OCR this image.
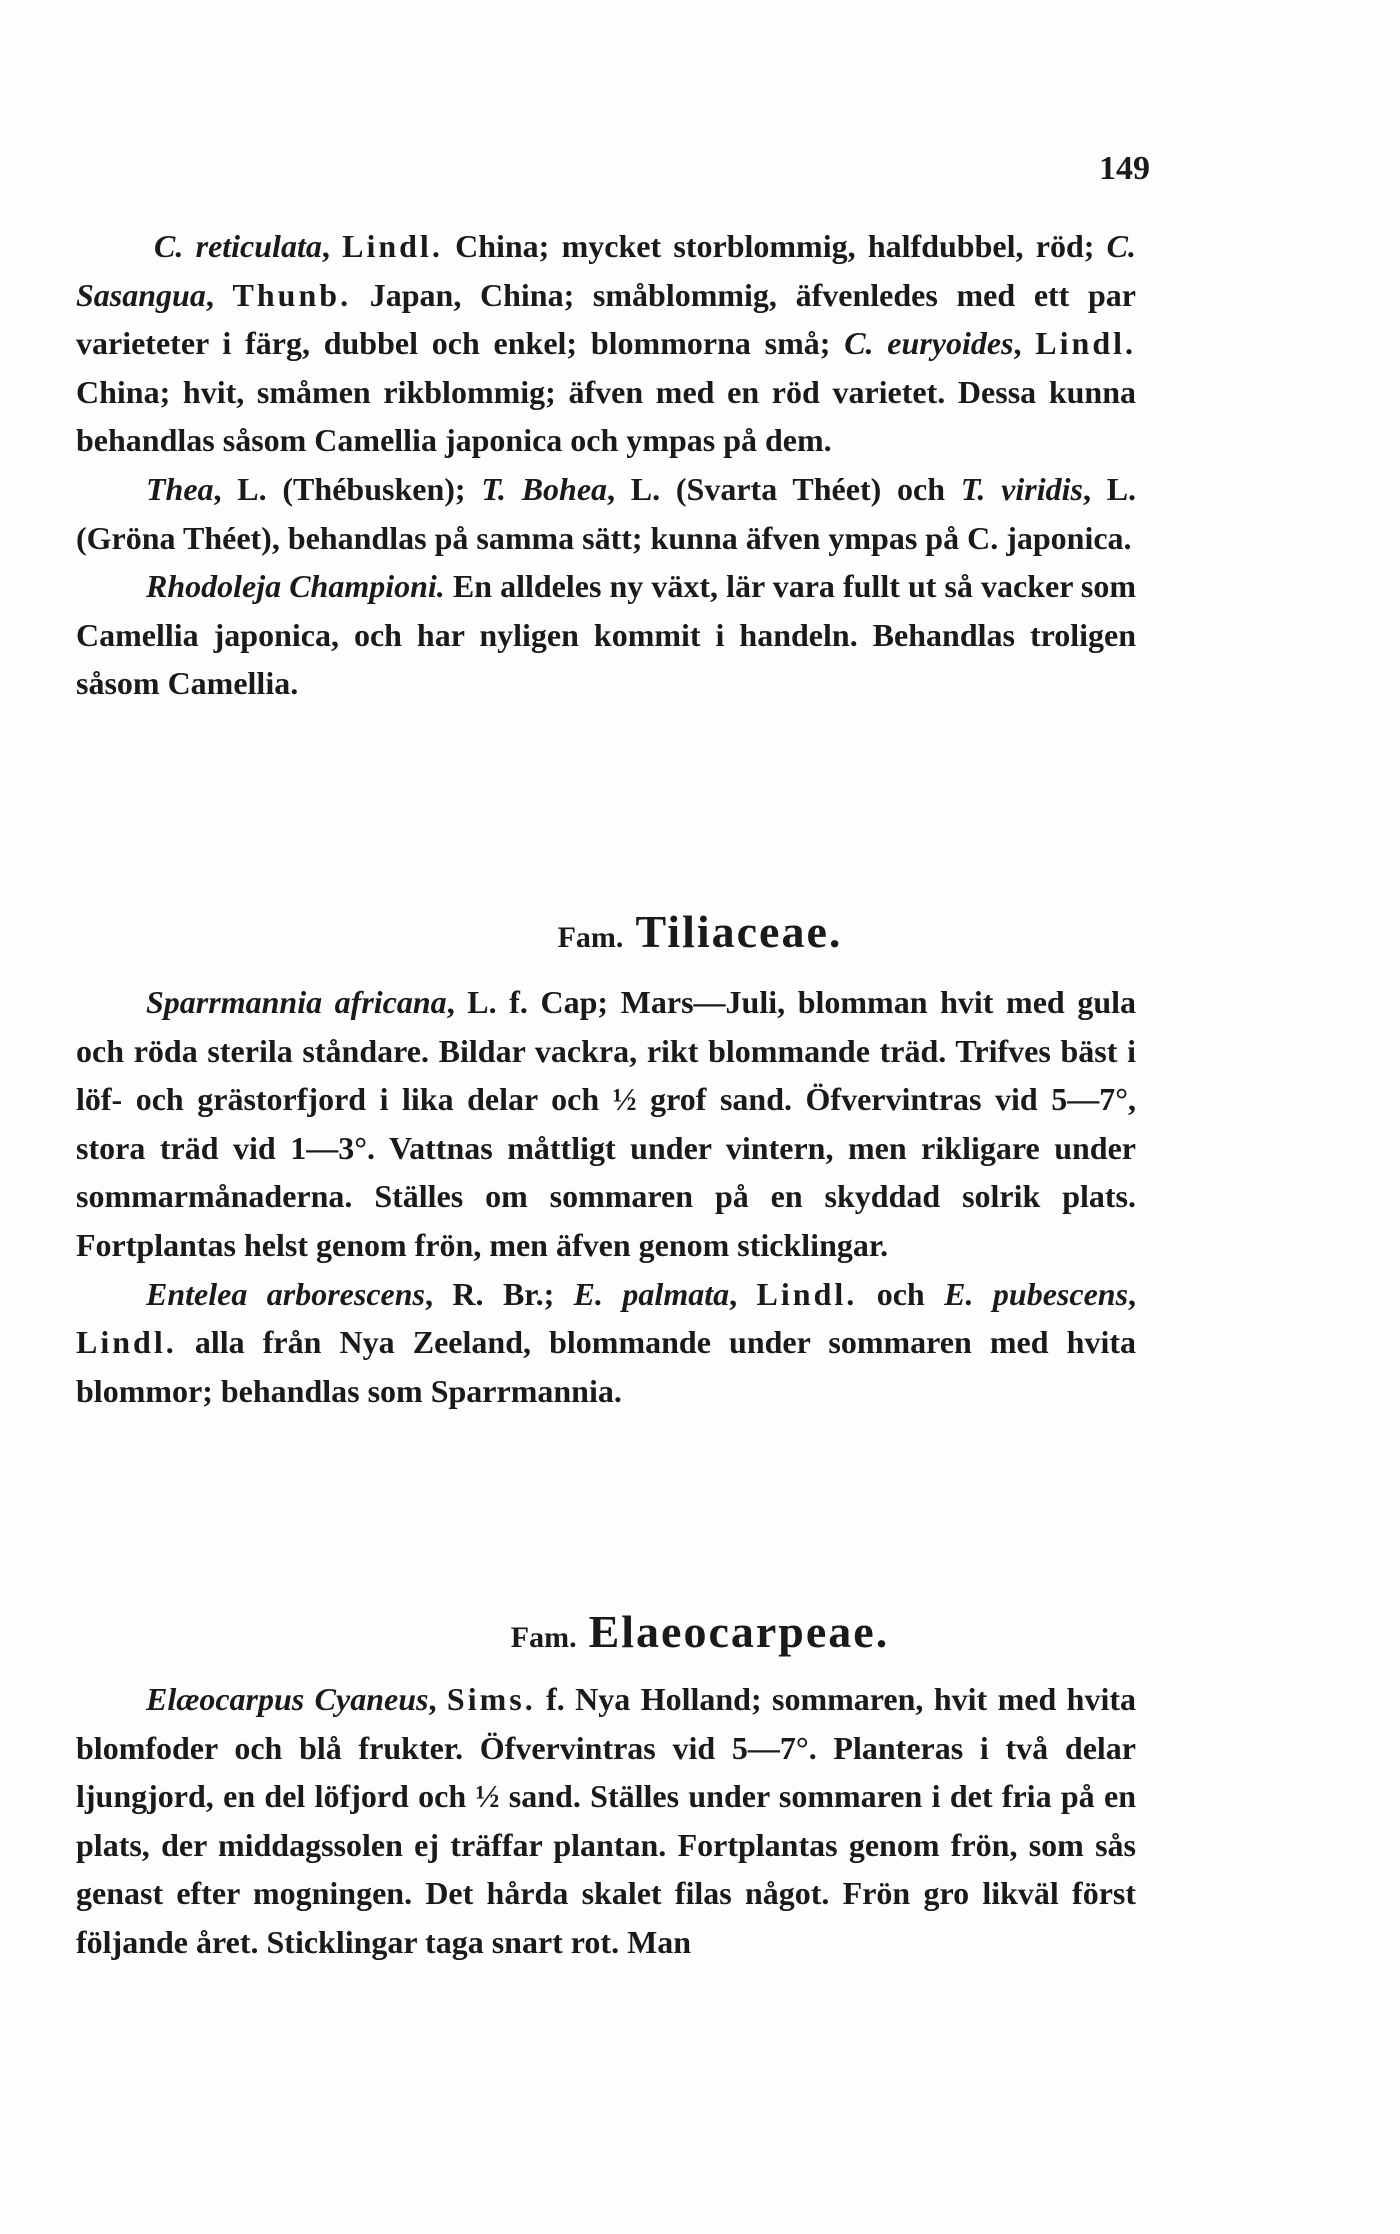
149

C. reticulata, Lindl. China; mycket storblommig, halfdubbel, röd; C. Sasangua, Thunb. Japan, China; småblommig, äfvenledes med ett par varieteter i färg, dubbel och enkel; blommorna små; C. euryoides, Lindl. China; hvit, småmen rikblommig; äfven med en röd varietet. Dessa kunna behandlas såsom Camellia japonica och ympas på dem.

Thea, L. (Thébusken); T. Bohea, L. (Svarta Théet) och T. viridis, L. (Gröna Théet), behandlas på samma sätt; kunna äfven ympas på C. japonica.

Rhodoleja Championi. En alldeles ny växt, lär vara fullt ut så vacker som Camellia japonica, och har nyligen kommit i handeln. Behandlas troligen såsom Camellia.

Fam. Tiliaceae.

Sparrmannia africana, L. f. Cap; Mars—Juli, blomman hvit med gula och röda sterila ståndare. Bildar vackra, rikt blommande träd. Trifves bäst i löf- och grästorfjord i lika delar och ½ grof sand. Öfvervintras vid 5—7°, stora träd vid 1—3°. Vattnas måttligt under vintern, men rikligare under sommarmånaderna. Ställes om sommaren på en skyddad solrik plats. Fortplantas helst genom frön, men äfven genom sticklingar.

Entelea arborescens, R. Br.; E. palmata, Lindl. och E. pubescens, Lindl. alla från Nya Zeeland, blommande under sommaren med hvita blommor; behandlas som Sparrmannia.

Fam. Elaeocarpeae.

Elæocarpus Cyaneus, Sims. f. Nya Holland; sommaren, hvit med hvita blomfoder och blå frukter. Öfvervintras vid 5—7°. Planteras i två delar ljungjord, en del löfjord och ½ sand. Ställes under sommaren i det fria på en plats, der middagssolen ej träffar plantan. Fortplantas genom frön, som sås genast efter mogningen. Det hårda skalet filas något. Frön gro likväl först följande året. Sticklingar taga snart rot. Man
